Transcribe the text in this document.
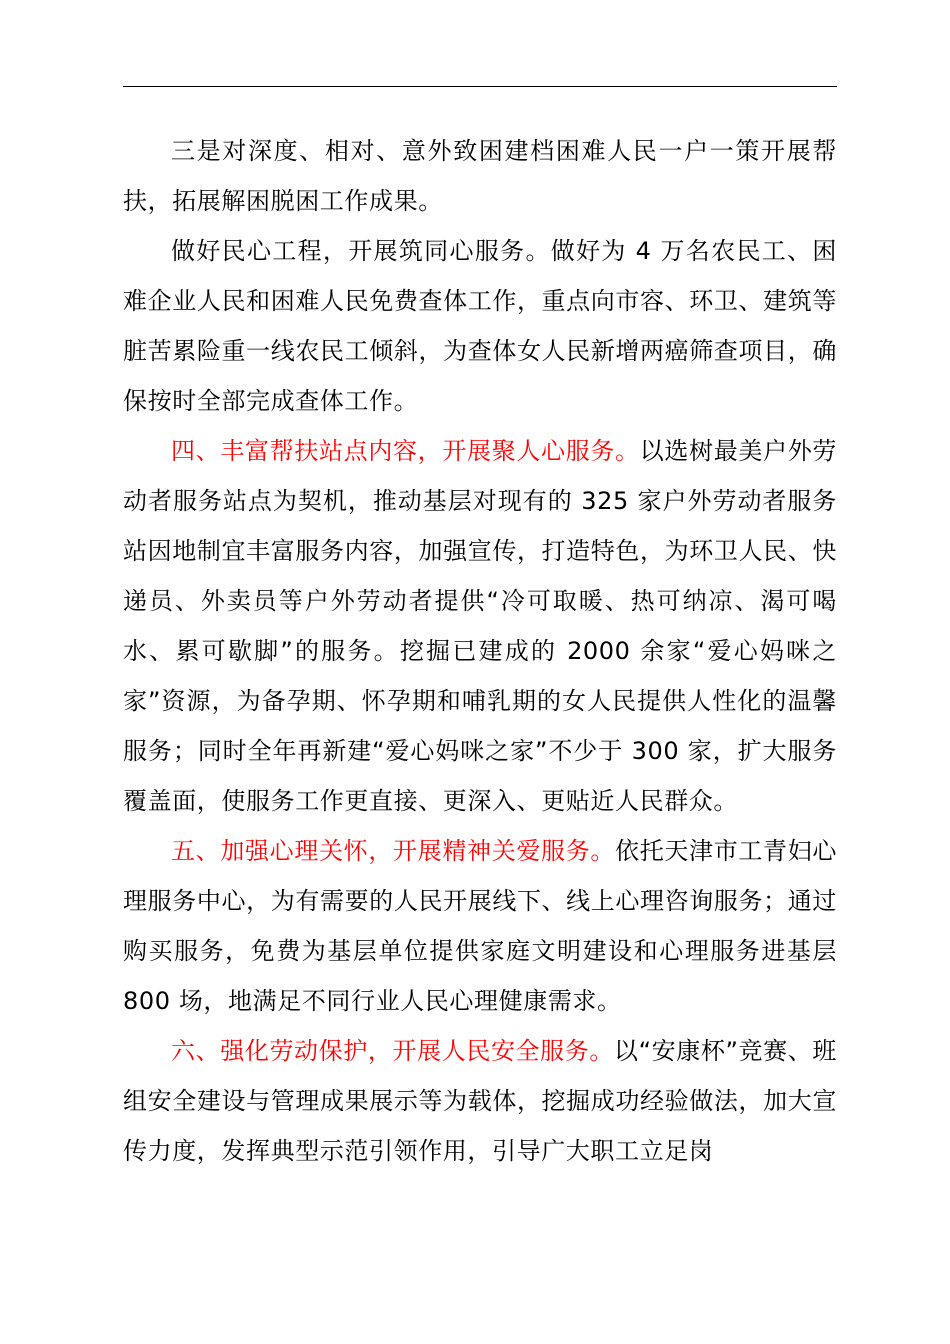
三是对深度、相对、意外致困建档困难人民一户一策开展帮扶，拓展解困脱困工作成果。

做好民心工程，开展筑同心服务。做好为 4 万名农民工、困难企业人民和困难人民免费查体工作，重点向市容、环卫、建筑等脏苦累险重一线农民工倾斜，为查体女人民新增两癌筛查项目，确保按时全部完成查体工作。

四、丰富帮扶站点内容，开展聚人心服务。以选树最美户外劳动者服务站点为契机，推动基层对现有的 325 家户外劳动者服务站因地制宜丰富服务内容，加强宣传，打造特色，为环卫人民、快递员、外卖员等户外劳动者提供“冷可取暖、热可纳凉、渴可喝水、累可歇脚”的服务。挖掘已建成的 2000 余家“爱心妈咪之家”资源，为备孕期、怀孕期和哺乳期的女人民提供人性化的温馨服务；同时全年再新建“爱心妈咪之家”不少于 300 家，扩大服务覆盖面，使服务工作更直接、更深入、更贴近人民群众。

五、加强心理关怀，开展精神关爱服务。依托天津市工青妇心理服务中心，为有需要的人民开展线下、线上心理咨询服务；通过购买服务，免费为基层单位提供家庭文明建设和心理服务进基层 800 场，地满足不同行业人民心理健康需求。

六、强化劳动保护，开展人民安全服务。以“安康杯”竞赛、班组安全建设与管理成果展示等为载体，挖掘成功经验做法，加大宣传力度，发挥典型示范引领作用，引导广大职工立足岗
